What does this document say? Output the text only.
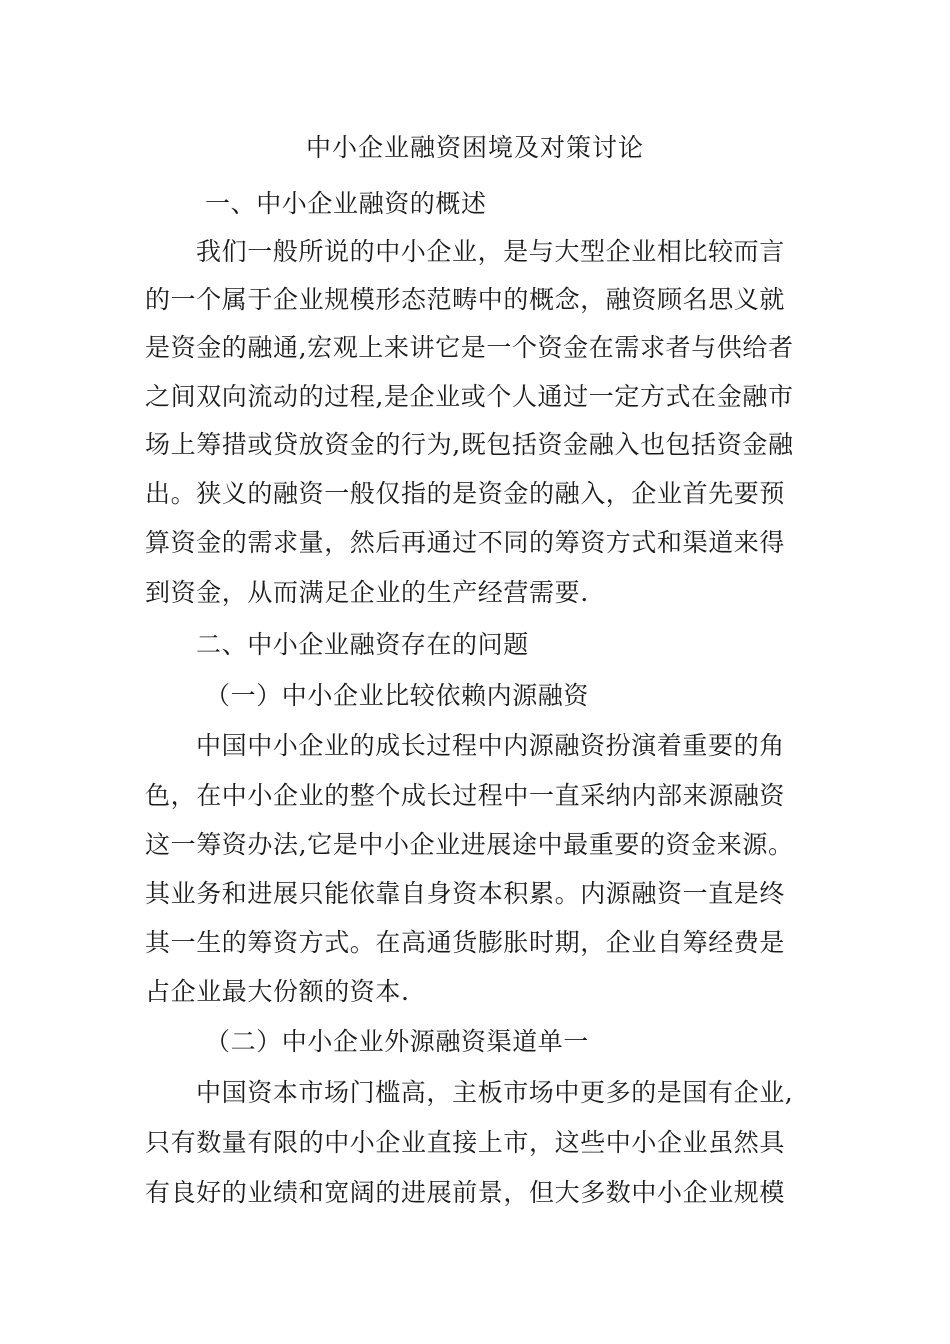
中小企业融资困境及对策讨论
一、中小企业融资的概述
我们一般所说的中小企业，是与大型企业相比较而言
的一个属于企业规模形态范畴中的概念，融资顾名思义就
是资金的融通,宏观上来讲它是一个资金在需求者与供给者
之间双向流动的过程,是企业或个人通过一定方式在金融市
场上筹措或贷放资金的行为,既包括资金融入也包括资金融
出。狭义的融资一般仅指的是资金的融入，企业首先要预
算资金的需求量，然后再通过不同的筹资方式和渠道来得
到资金，从而满足企业的生产经营需要.
二、中小企业融资存在的问题
（一）中小企业比较依赖内源融资
中国中小企业的成长过程中内源融资扮演着重要的角
色，在中小企业的整个成长过程中一直采纳内部来源融资
这一筹资办法,它是中小企业进展途中最重要的资金来源。
其业务和进展只能依靠自身资本积累。内源融资一直是终
其一生的筹资方式。在高通货膨胀时期，企业自筹经费是
占企业最大份额的资本.
（二）中小企业外源融资渠道单一
中国资本市场门槛高，主板市场中更多的是国有企业,
只有数量有限的中小企业直接上市，这些中小企业虽然具
有良好的业绩和宽阔的进展前景，但大多数中小企业规模
